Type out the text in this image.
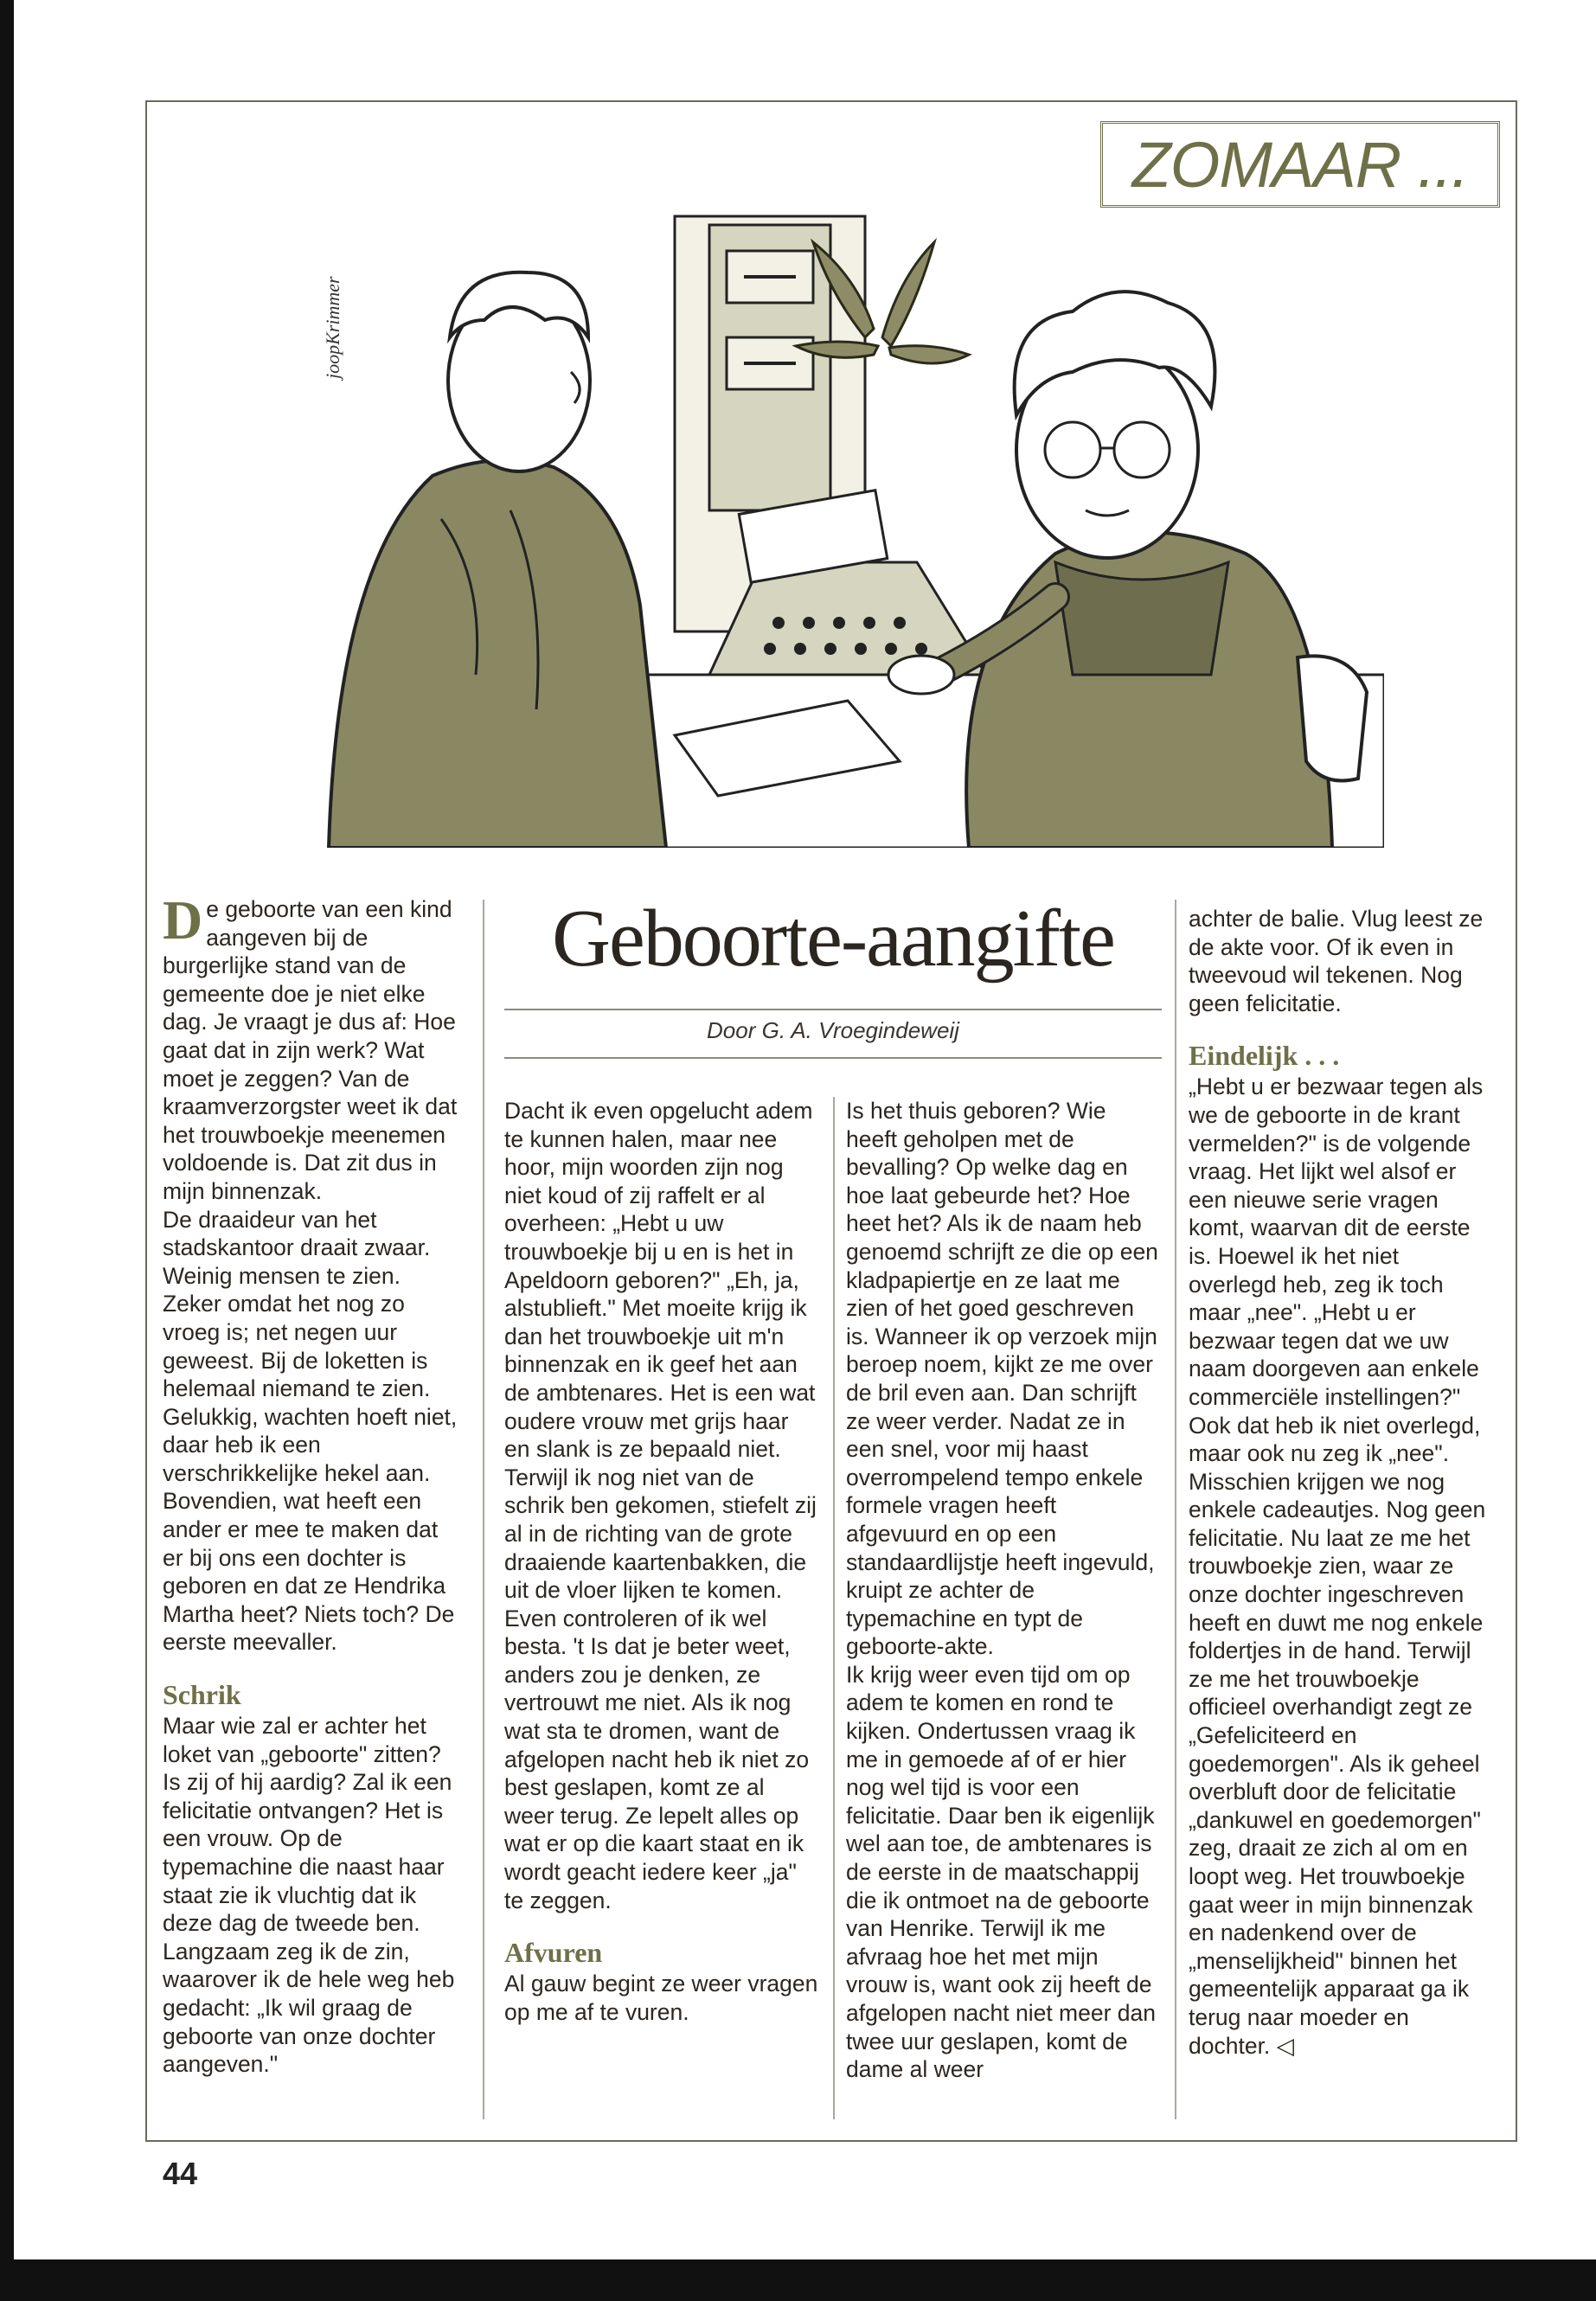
ZOMAAR ...
joopKrimmer

De geboorte van een kind aangeven bij de burgerlijke stand van de gemeente doe je niet elke dag. Je vraagt je dus af: Hoe gaat dat in zijn werk? Wat moet je zeggen? Van de kraamverzorgster weet ik dat het trouwboekje meenemen voldoende is. Dat zit dus in mijn binnenzak.

De draaideur van het stadskantoor draait zwaar. Weinig mensen te zien. Zeker omdat het nog zo vroeg is; net negen uur geweest. Bij de loketten is helemaal niemand te zien. Gelukkig, wachten hoeft niet, daar heb ik een verschrikkelijke hekel aan. Bovendien, wat heeft een ander er mee te maken dat er bij ons een dochter is geboren en dat ze Hendrika Martha heet? Niets toch? De eerste meevaller.

Schrik

Maar wie zal er achter het loket van „geboorte" zitten? Is zij of hij aardig? Zal ik een felicitatie ontvangen? Het is een vrouw. Op de typemachine die naast haar staat zie ik vluchtig dat ik deze dag de tweede ben. Langzaam zeg ik de zin, waarover ik de hele weg heb gedacht: „Ik wil graag de geboorte van onze dochter aangeven."

Geboorte-aangifte
Door G. A. Vroegindeweij

Dacht ik even opgelucht adem te kunnen halen, maar nee hoor, mijn woorden zijn nog niet koud of zij raffelt er al overheen: „Hebt u uw trouwboekje bij u en is het in Apeldoorn geboren?" „Eh, ja, alstublieft." Met moeite krijg ik dan het trouwboekje uit m'n binnenzak en ik geef het aan de ambtenares. Het is een wat oudere vrouw met grijs haar en slank is ze bepaald niet. Terwijl ik nog niet van de schrik ben gekomen, stiefelt zij al in de richting van de grote draaiende kaartenbakken, die uit de vloer lijken te komen. Even controleren of ik wel besta. 't Is dat je beter weet, anders zou je denken, ze vertrouwt me niet. Als ik nog wat sta te dromen, want de afgelopen nacht heb ik niet zo best geslapen, komt ze al weer terug. Ze lepelt alles op wat er op die kaart staat en ik wordt geacht iedere keer „ja" te zeggen.

Afvuren

Al gauw begint ze weer vragen op me af te vuren.

Is het thuis geboren? Wie heeft geholpen met de bevalling? Op welke dag en hoe laat gebeurde het? Hoe heet het? Als ik de naam heb genoemd schrijft ze die op een kladpapiertje en ze laat me zien of het goed geschreven is. Wanneer ik op verzoek mijn beroep noem, kijkt ze me over de bril even aan. Dan schrijft ze weer verder. Nadat ze in een snel, voor mij haast overrompelend tempo enkele formele vragen heeft afgevuurd en op een standaardlijstje heeft ingevuld, kruipt ze achter de typemachine en typt de geboorte-akte.

Ik krijg weer even tijd om op adem te komen en rond te kijken. Ondertussen vraag ik me in gemoede af of er hier nog wel tijd is voor een felicitatie. Daar ben ik eigenlijk wel aan toe, de ambtenares is de eerste in de maatschappij die ik ontmoet na de geboorte van Henrike. Terwijl ik me afvraag hoe het met mijn vrouw is, want ook zij heeft de afgelopen nacht niet meer dan twee uur geslapen, komt de dame al weer

achter de balie. Vlug leest ze de akte voor. Of ik even in tweevoud wil tekenen. Nog geen felicitatie.

Eindelijk . . .

„Hebt u er bezwaar tegen als we de geboorte in de krant vermelden?" is de volgende vraag. Het lijkt wel alsof er een nieuwe serie vragen komt, waarvan dit de eerste is. Hoewel ik het niet overlegd heb, zeg ik toch maar „nee". „Hebt u er bezwaar tegen dat we uw naam doorgeven aan enkele commerciële instellingen?" Ook dat heb ik niet overlegd, maar ook nu zeg ik „nee". Misschien krijgen we nog enkele cadeautjes. Nog geen felicitatie. Nu laat ze me het trouwboekje zien, waar ze onze dochter ingeschreven heeft en duwt me nog enkele foldertjes in de hand. Terwijl ze me het trouwboekje officieel overhandigt zegt ze „Gefeliciteerd en goedemorgen". Als ik geheel overbluft door de felicitatie „dankuwel en goedemorgen" zeg, draait ze zich al om en loopt weg. Het trouwboekje gaat weer in mijn binnenzak en nadenkend over de „menselijkheid" binnen het gemeentelijk apparaat ga ik terug naar moeder en dochter. ◁

44
